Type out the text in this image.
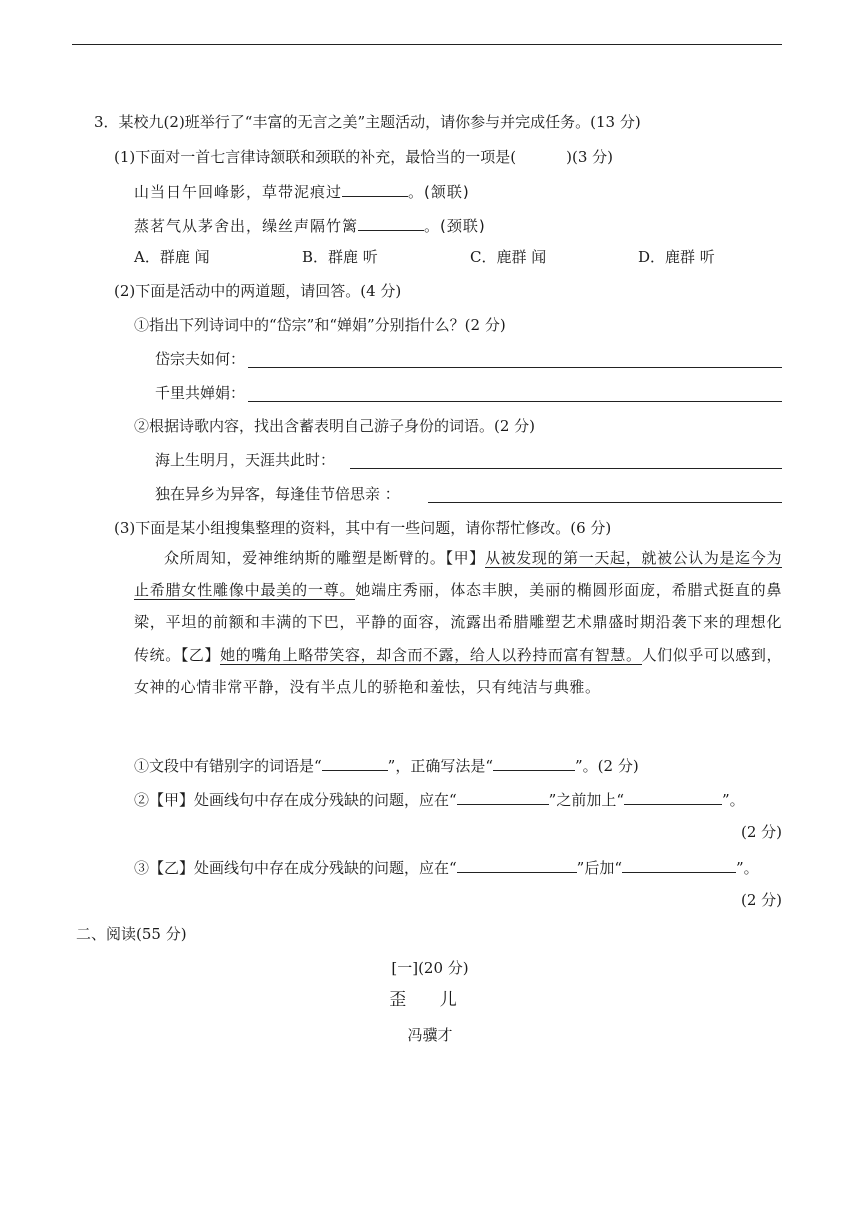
3．某校九(2)班举行了“丰富的无言之美”主题活动，请你参与并完成任务。(13 分)
(1)下面对一首七言律诗颔联和颈联的补充，最恰当的一项是(	)(3 分)
山当日午回峰影，草带泥痕过	。(颔联)
蒸茗气从茅舍出，缲丝声隔竹篱	。(颈联)
A．群鹿 闻	B．群鹿 听	C．鹿群 闻	D．鹿群 听
(2)下面是活动中的两道题，请回答。(4 分)
①指出下列诗词中的“岱宗”和“婵娟”分别指什么？(2 分)
岱宗夫如何：
千里共婵娟：
②根据诗歌内容，找出含蓄表明自己游子身份的词语。(2 分)
海上生明月，天涯共此时：
独在异乡为异客，每逢佳节倍思亲 ：
(3)下面是某小组搜集整理的资料，其中有一些问题，请你帮忙修改。(6 分)
众所周知，爱神维纳斯的雕塑是断臂的。【甲】从被发现的第一天起，就被公认为是迄今为止希腊女性雕像中最美的一尊。她端庄秀丽，体态丰腴，美丽的椭圆形面庞，希腊式挺直的鼻梁，平坦的前额和丰满的下巴，平静的面容，流露出希腊雕塑艺术鼎盛时期沿袭下来的理想化传统。【乙】她的嘴角上略带笑容，却含而不露，给人以矜持而富有智慧。人们似乎可以感到，女神的心情非常平静，没有半点儿的骄艳和羞怯，只有纯洁与典雅。
①文段中有错别字的词语是“	”，正确写法是“	”。(2 分)
②【甲】处画线句中存在成分残缺的问题，应在“	”之前加上“	”。
(2 分)
③【乙】处画线句中存在成分残缺的问题，应在“	”后加“	”。
(2 分)
二、阅读(55 分)
[一](20 分)
歪 儿
冯骥才
